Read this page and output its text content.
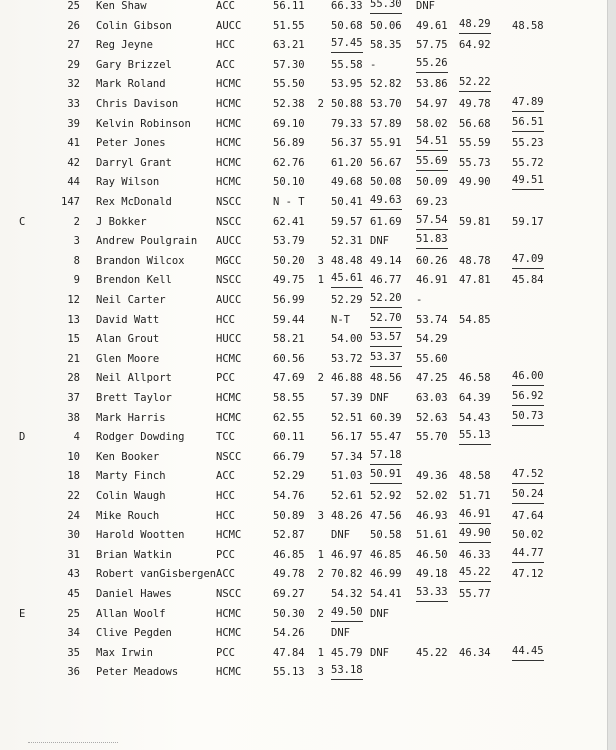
25 Ken Shaw	ACC	56.11	66.33 55.30 DNF
26 Colin Gibson	AUCC	51.55	50.68 50.06 49.61 48.29 48.58
27 Reg Jeyne	HCC	63.21	57.45 58.35 57.75 64.92
29 Gary Brizzel	ACC	57.30	55.58 -	55.26
32 Mark Roland	HCMC	55.50	53.95 52.82 53.86 52.22
33 Chris Davison	HCMC	52.38	2 50.88 53.70 54.97 49.78 47.89
39 Kelvin Robinson HCMC	69.10	79.33 57.89 58.02 56.68 56.51
41 Peter Jones	HCMC	56.89	56.37 55.91 54.51 55.59 55.23
42 Darryl Grant	HCMC	62.76	61.20 56.67 55.69 55.73 55.72
44 Ray Wilson	HCMC	50.10	49.68 50.08 50.09 49.90 49.51
147 Rex McDonald	NSCC	N - T	50.41 49.63 69.23
C	2 J Bokker	NSCC	62.41	59.57 61.69 57.54 59.81 59.17
3 Andrew Poulgrain AUCC	53.79	52.31 DNF	51.83
8 Brandon Wilcox	MGCC	50.20	3 48.48 49.14 60.26 48.78 47.09
9 Brendon Kell	NSCC	49.75	1 45.61 46.77 46.91 47.81 45.84
12 Neil Carter	AUCC	56.99	52.29 52.20 -
13 David Watt	HCC	59.44	N-T 52.70 53.74 54.85
15 Alan Grout	HUCC	58.21	54.00 53.57 54.29
21 Glen Moore	HCMC	60.56	53.72 53.37 55.60
28 Neil Allport	PCC	47.69	2 46.88 48.56 47.25 46.58 46.00
37 Brett Taylor	HCMC	58.55	57.39 DNF	63.03 64.39 56.92
38 Mark Harris	HCMC	62.55	52.51 60.39 52.63 54.43 50.73
D	4 Rodger Dowding	TCC	60.11	56.17 55.47 55.70 55.13
10 Ken Booker	NSCC	66.79	57.34 57.18
18 Marty Finch	ACC	52.29	51.03 50.91 49.36 48.58 47.52
22 Colin Waugh	HCC	54.76	52.61 52.92 52.02 51.71 50.24
24 Mike Rouch	HCC	50.89	3 48.26 47.56 46.93 46.91 47.64
30 Harold Wootten	HCMC	52.87	DNF 50.58 51.61 49.90 50.02
31 Brian Watkin	PCC	46.85	1 46.97 46.85 46.50 46.33 44.77
43 Robert vanGisbergen ACC	49.78	2 70.82 46.99 49.18 45.22 47.12
45 Daniel Hawes	NSCC	69.27	54.32 54.41 53.33 55.77
E	25 Allan Woolf	HCMC	50.30	2 49.50 DNF
34 Clive Pegden	HCMC	54.26	DNF
35 Max Irwin	PCC	47.84	1 45.79 DNF	45.22 46.34 44.45
36 Peter Meadows	HCMC	55.13	3 53.18
